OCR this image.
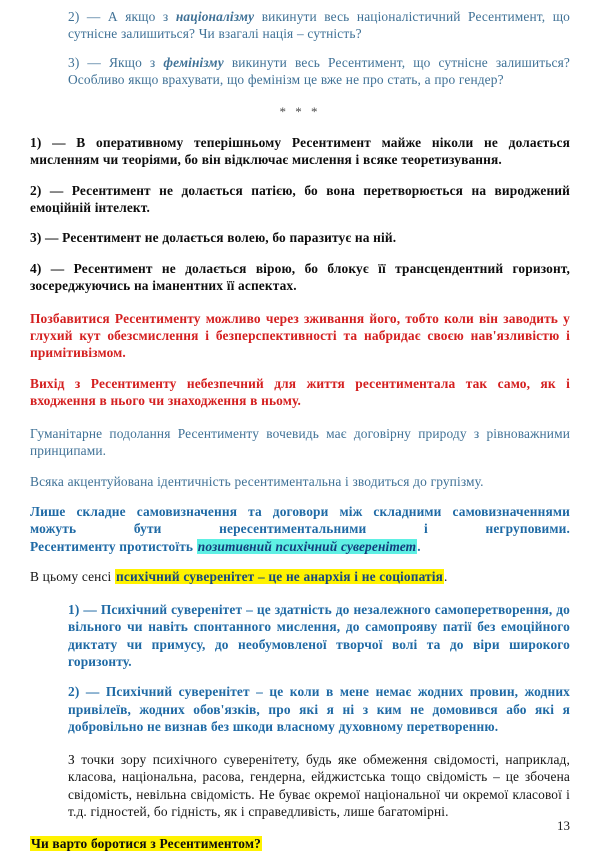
2) — А якщо з націоналізму викинути весь націоналістичний Ресентимент, що сутнісне залишиться? Чи взагалі нація – сутність?

3) — Якщо з фемінізму викинути весь Ресентимент, що сутнісне залишиться? Особливо якщо врахувати, що фемінізм це вже не про стать, а про гендер?

* * *

1) — В оперативному теперішньому Ресентимент майже ніколи не долається мисленням чи теоріями, бо він відключає мислення і всяке теоретизування.

2) — Ресентимент не долається патією, бо вона перетворюється на вироджений емоційній інтелект.

3) — Ресентимент не долається волею, бо паразитує на ній.

4) — Ресентимент не долається вірою, бо блокує її трансцендентний горизонт, зосереджуючись на іманентних її аспектах.

Позбавитися Ресентименту можливо через зживання його, тобто коли він заводить у глухий кут обезсмислення і безперспективності та набридає своєю нав'язливістю і примітивізмом.

Вихід з Ресентименту небезпечний для життя ресентиментала так само, як і входження в нього чи знаходження в ньому.

Гуманітарне подолання Ресентименту вочевидь має договірну природу з рівноважними принципами.

Всяка акцентуйована ідентичність ресентиментальна і зводиться до групізму.

Лише складне самовизначення та договори між складними самовизначеннями
можуть бути нересентиментальними і негруповими.
Ресентименту протистоїть позитивний психічний суверенітет.

В цьому сенсі психічний суверенітет – це не анархія і не соціопатія.

1) — Психічний суверенітет – це здатність до незалежного самоперетворення, до вільного чи навіть спонтанного мислення, до самопрояву патії без емоційного диктату чи примусу, до необумовленої творчої волі та до віри широкого горизонту.

2) — Психічний суверенітет – це коли в мене немає жодних провин, жодних привілеїв, жодних обов'язків, про які я ні з ким не домовився або які я добровільно не визнав без шкоди власному духовному перетворенню.

З точки зору психічного суверенітету, будь яке обмеження свідомості, наприклад, класова, національна, расова, гендерна, ейджистська тощо свідомість – це збочена свідомість, невільна свідомість. Не буває окремої національної чи окремої класової і т.д. гідностей, бо гідність, як і справедливість, лише багатомірні.

Чи варто боротися з Ресентиментом?

13
